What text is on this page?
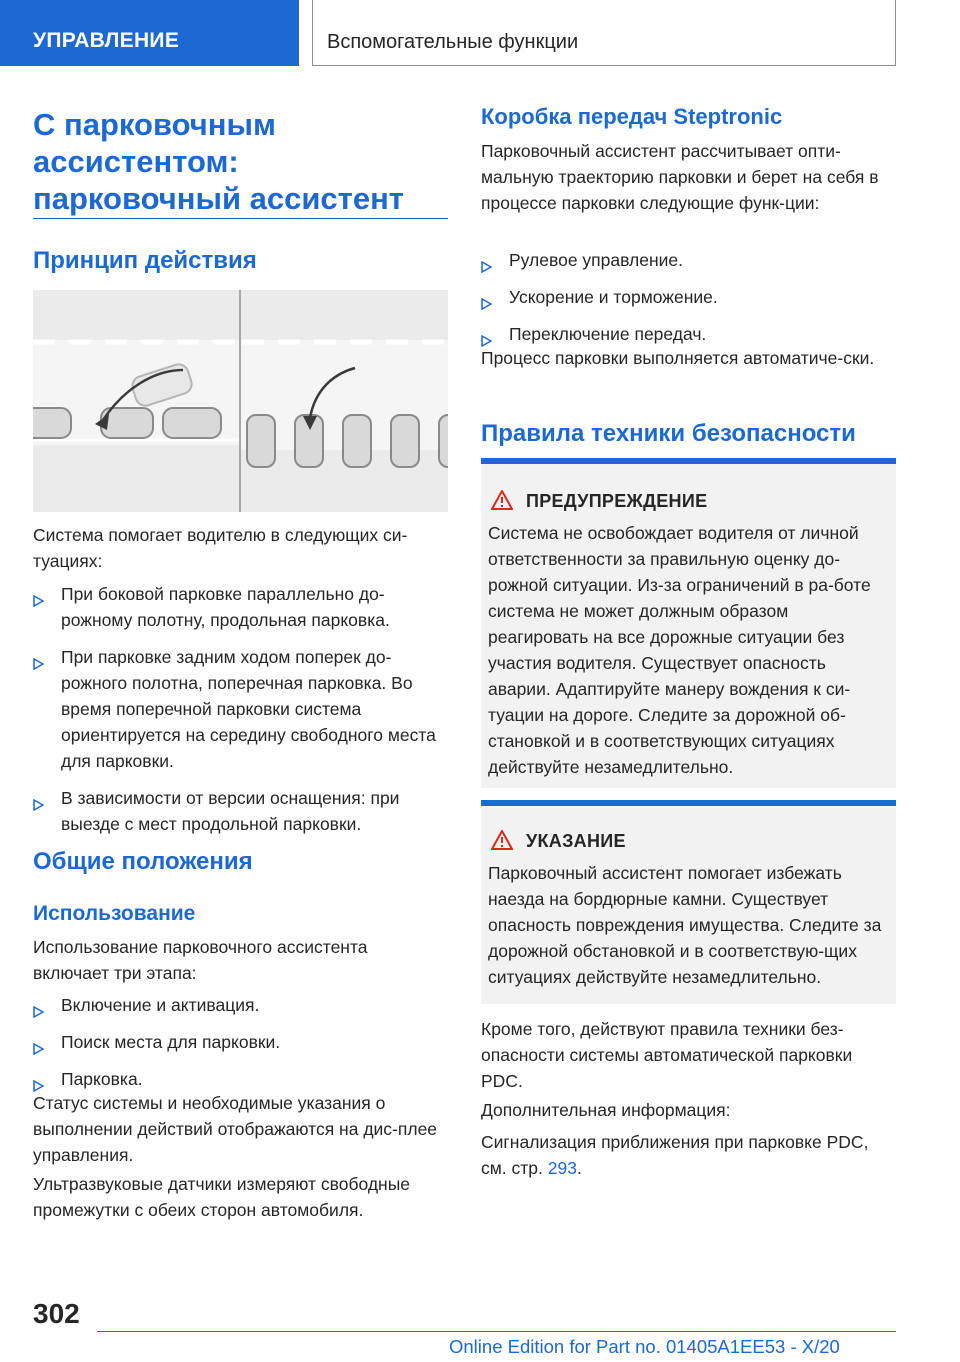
УПРАВЛЕНИЕ	Вспомогательные функции
С парковочным ассистентом: парковочный ассистент
Принцип действия

Система помогает водителю в следующих си-туациях:

При боковой парковке параллельно до-рожному полотну, продольная парковка.
При парковке задним ходом поперек до-рожного полотна, поперечная парковка. Во время поперечной парковки система ориентируется на середину свободного места для парковки.
В зависимости от версии оснащения: при выезде с мест продольной парковки.
Общие положения
Использование

Использование парковочного ассистента включает три этапа:

Включение и активация.
Поиск места для парковки.
Парковка.

Статус системы и необходимые указания о выполнении действий отображаются на дис-плее управления.

Ультразвуковые датчики измеряют свободные промежутки с обеих сторон автомобиля.

Коробка передач Steptronic

Парковочный ассистент рассчитывает опти-мальную траекторию парковки и берет на себя в процессе парковки следующие функ-ции:

Рулевое управление.
Ускорение и торможение.
Переключение передач.

Процесс парковки выполняется автоматиче-ски.

Правила техники безопасности
ПРЕДУПРЕЖДЕНИЕ
Система не освобождает водителя от личной ответственности за правильную оценку до-рожной ситуации. Из-за ограничений в ра-боте система не может должным образом реагировать на все дорожные ситуации без участия водителя. Существует опасность аварии. Адаптируйте манеру вождения к си-туации на дороге. Следите за дорожной об-становкой и в соответствующих ситуациях действуйте незамедлительно.
УКАЗАНИЕ
Парковочный ассистент помогает избежать наезда на бордюрные камни. Существует опасность повреждения имущества. Следите за дорожной обстановкой и в соответствую-щих ситуациях действуйте незамедлительно.

Кроме того, действуют правила техники без-опасности системы автоматической парковки PDC.

Дополнительная информация:

Сигнализация приближения при парковке PDC, см. стр. 293.

302
Online Edition for Part no. 01405A1EE53 - X/20
